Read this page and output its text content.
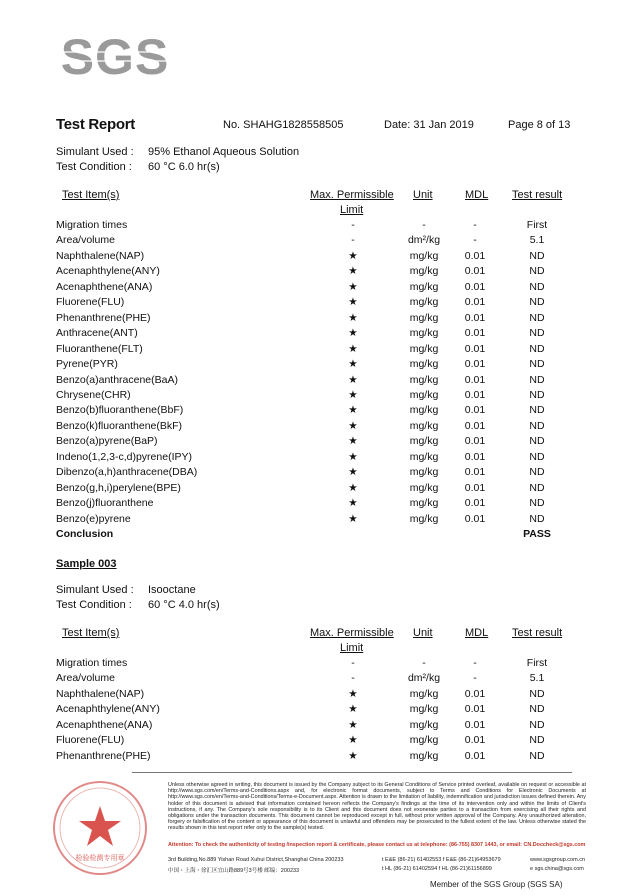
SGS
Test Report	No. SHAHG1828558505	Date: 31 Jan 2019	Page 8 of 13
Simulant Used : 95% Ethanol Aqueous Solution
Test Condition : 60 °C 6.0 hr(s)
Test Item(s)	Max. Permissible
Limit
Unit	MDL Test result
Migration times	-	-	-	First
Area/volume	-	dm²/kg	-	5.1
Naphthalene(NAP)	★	mg/kg	0.01	ND
Acenaphthylene(ANY)	★	mg/kg	0.01	ND
Acenaphthene(ANA)	★	mg/kg	0.01	ND
Fluorene(FLU)	★	mg/kg	0.01	ND
Phenanthrene(PHE)	★	mg/kg	0.01	ND
Anthracene(ANT)	★	mg/kg	0.01	ND
Fluoranthene(FLT)	★	mg/kg	0.01	ND
Pyrene(PYR)	★	mg/kg	0.01	ND
Benzo(a)anthracene(BaA)	★	mg/kg	0.01	ND
Chrysene(CHR)	★	mg/kg	0.01	ND
Benzo(b)fluoranthene(BbF)	★	mg/kg	0.01	ND
Benzo(k)fluoranthene(BkF)	★	mg/kg	0.01	ND
Benzo(a)pyrene(BaP)	★	mg/kg	0.01	ND
Indeno(1,2,3-c,d)pyrene(IPY)	★	mg/kg	0.01	ND
Dibenzo(a,h)anthracene(DBA)	★	mg/kg	0.01	ND
Benzo(g,h,i)perylene(BPE)	★	mg/kg	0.01	ND
Benzo(j)fluoranthene	★	mg/kg	0.01	ND
Benzo(e)pyrene	★	mg/kg	0.01	ND
Conclusion	PASS
Sample 003
Simulant Used : Isooctane
Test Condition : 60 °C 4.0 hr(s)
Test Item(s)	Max. Permissible
Limit
Unit	MDL Test result
Migration times	-	-	-	First
Area/volume	-	dm²/kg	-	5.1
Naphthalene(NAP)	★	mg/kg	0.01	ND
Acenaphthylene(ANY)	★	mg/kg	0.01	ND
Acenaphthene(ANA)	★	mg/kg	0.01	ND
Fluorene(FLU)	★	mg/kg	0.01	ND
Phenanthrene(PHE)	★	mg/kg	0.01	ND
检验检测专用章
Unless otherwise agreed in writing, this document is issued by the Company subject to its General Conditions of Service printed overleaf, available on request or accessible at http://www.sgs.com/en/Terms-and-Conditions.aspx and, for electronic format documents, subject to Terms and Conditions for Electronic Documents at http://www.sgs.com/en/Terms-and-Conditions/Terms-e-Document.aspx. Attention is drawn to the limitation of liability, indemnification and jurisdiction issues defined therein. Any holder of this document is advised that information contained hereon reflects the Company's findings at the time of its intervention only and within the limits of Client's instructions, if any. The Company's sole responsibility is to its Client and this document does not exonerate parties to a transaction from exercising all their rights and obligations under the transaction documents. This document cannot be reproduced except in full, without prior written approval of the Company. Any unauthorized alteration, forgery or falsification of the content or appearance of this document is unlawful and offenders may be prosecuted to the fullest extent of the law. Unless otherwise stated the results shown in this test report refer only to the sample(s) tested.
Attention: To check the authenticity of testing /inspection report & certificate, please contact us at telephone: (86-755) 8307 1443, or email: CN.Doccheck@sgs.com
3rd Building,No.889 Yishan Road Xuhui District,Shanghai China 200233
中国・上海・徐汇区宜山路889号3号楼 邮编：200233
t E&E (86-21) 61402553 f E&E (86-21)64953679
t HL (86-21) 61402594 f HL (86-21)61156899
www.sgsgroup.com.cn
e sgs.china@sgs.com
Member of the SGS Group (SGS SA)
